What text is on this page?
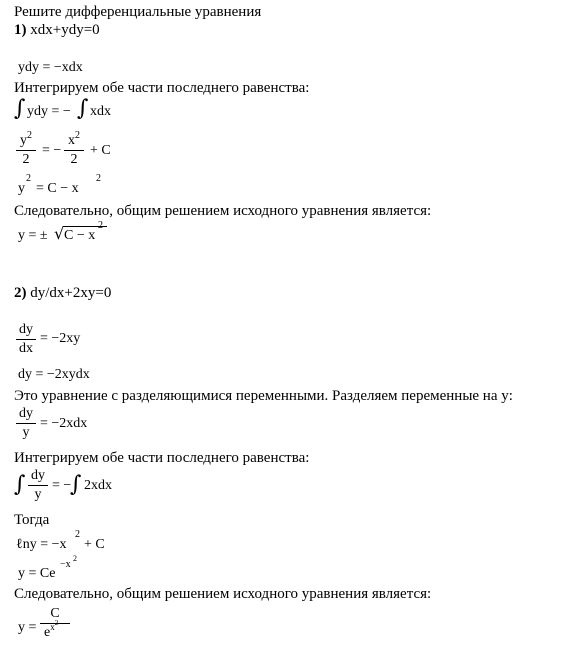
Решите дифференциальные уравнения
1) xdx+ydy=0
ydy = −xdx
Интегрируем обе части последнего равенства:
∫ ydy = − ∫ xdx
$y^2$
2
= −
$x^2$
2
+ C
y
2
= C − x
2
Следовательно, общим решением исходного уравнения является:
y = ± √ C − x
2
2) dy/dx+2xy=0
dy
dx
= −2xy
dy = −2xydx
Это уравнение с разделяющимися переменными. Разделяем переменные на y:
dy
y
= −2xdx
Интегрируем обе части последнего равенства:
∫ dy
y
= −
∫ 2xdx
Тогда
ℓny = −x
2
+ C
y = Ce
−x
2
Следовательно, общим решением исходного уравнения является:
y =
C
$e^{x2}$
